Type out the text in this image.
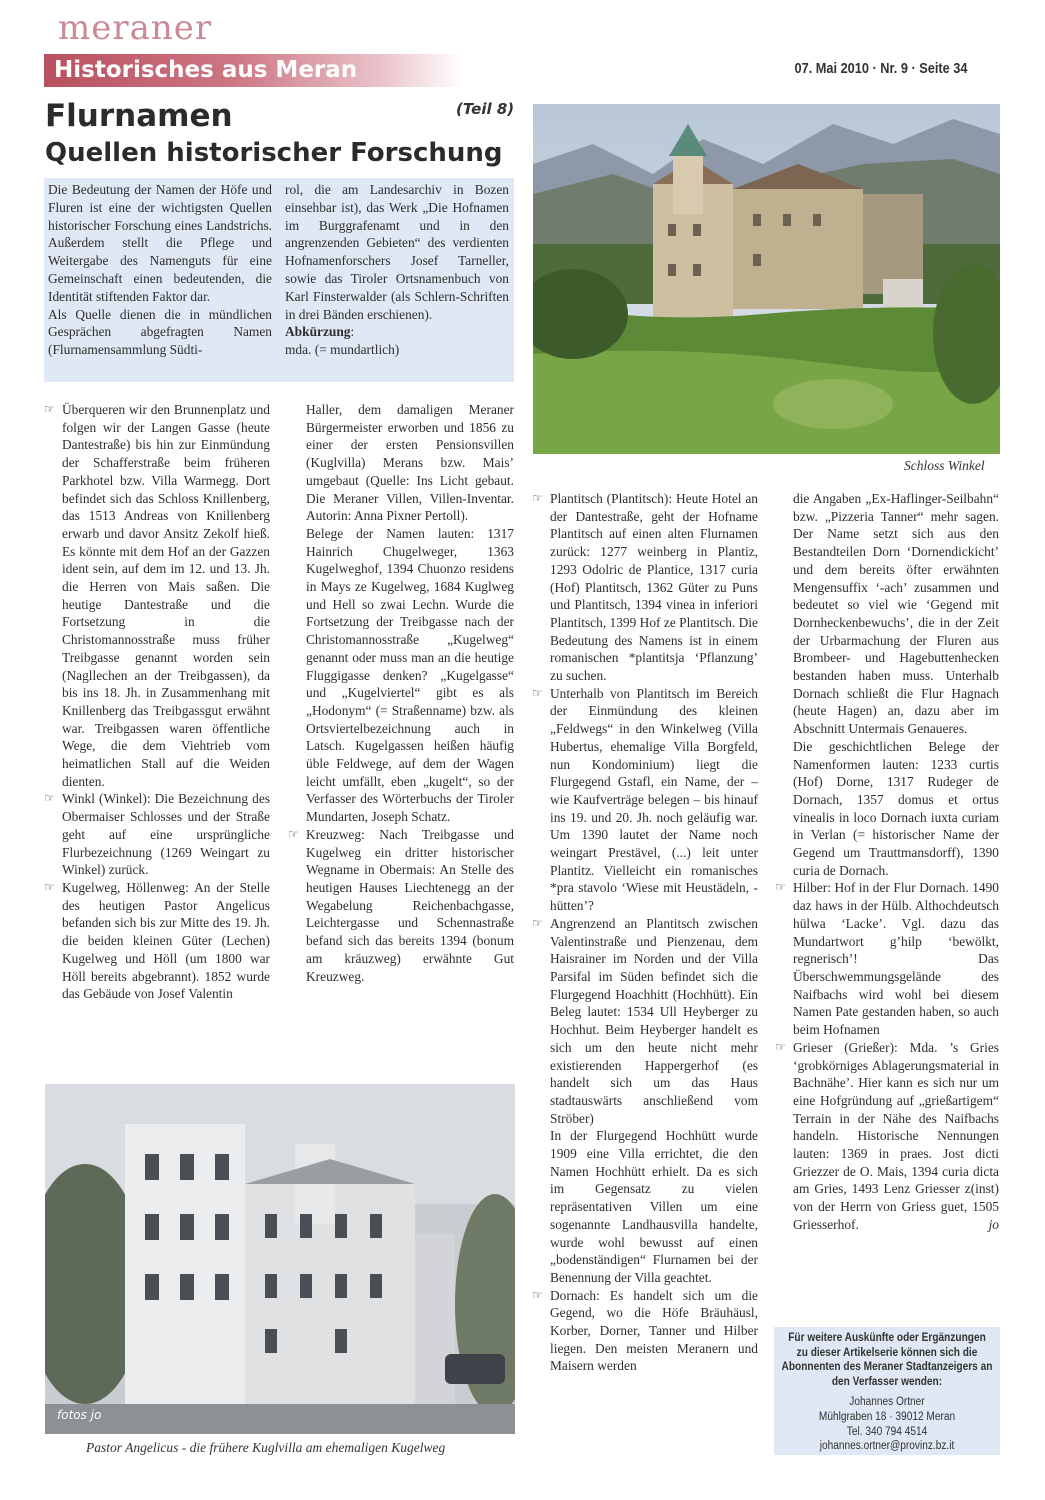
meraner
Historisches aus Meran	07. Mai 2010 · Nr. 9 · Seite 34
Flurnamen	(Teil 8)
Quellen historischer Forschung
Die Bedeutung der Namen der Höfe und Fluren ist eine der wichtigsten Quellen historischer Forschung eines Landstrichs. Außerdem stellt die Pflege und Weitergabe des Namenguts für eine Gemeinschaft einen bedeutenden, die Identität stiftenden Faktor dar.
Als Quelle dienen die in mündlichen Gesprächen abgefragten Namen (Flurnamensammlung Südti-
rol, die am Landesarchiv in Bozen einsehbar ist), das Werk „Die Hofnamen im Burggrafenamt und in den angrenzenden Gebieten“ des verdienten Hofnamenforschers Josef Tarneller, sowie das Tiroler Ortsnamenbuch von Karl Finsterwalder (als Schlern-Schriften in drei Bänden erschienen).
Abkürzung:
mda. (= mundartlich)
Schloss Winkel

☞ Überqueren wir den Brunnenplatz und folgen wir der Langen Gasse (heute Dantestraße) bis hin zur Einmündung der Schafferstraße beim früheren Parkhotel bzw. Villa Warmegg. Dort befindet sich das Schloss Knillenberg, das 1513 Andreas von Knillenberg erwarb und davor Ansitz Zekolf hieß. Es könnte mit dem Hof an der Gazzen ident sein, auf dem im 12. und 13. Jh. die Herren von Mais saßen. Die heutige Dantestraße und die Fortsetzung in die Christomannosstraße muss früher Treibgasse genannt worden sein (Nagllechen an der Treibgassen), da bis ins 18. Jh. in Zusammenhang mit Knillenberg das Treibgassgut erwähnt war. Treibgassen waren öffentliche Wege, die dem Viehtrieb vom heimatlichen Stall auf die Weiden dienten.

☞ Winkl (Winkel): Die Bezeichnung des Obermaiser Schlosses und der Straße geht auf eine ursprüngliche Flurbezeichnung (1269 Weingart zu Winkel) zurück.

☞ Kugelweg, Höllenweg: An der Stelle des heutigen Pastor Angelicus befanden sich bis zur Mitte des 19. Jh. die beiden kleinen Güter (Lechen) Kugelweg und Höll (um 1800 war Höll bereits abgebrannt). 1852 wurde das Gebäude von Josef Valentin

Haller, dem damaligen Meraner Bürgermeister erworben und 1856 zu einer der ersten Pensionsvillen (Kuglvilla) Merans bzw. Mais’ umgebaut (Quelle: Ins Licht gebaut. Die Meraner Villen, Villen-Inventar. Autorin: Anna Pixner Pertoll).

Belege der Namen lauten: 1317 Hainrich Chugelweger, 1363 Kugelweghof, 1394 Chuonzo residens in Mays ze Kugelweg, 1684 Kuglweg und Hell so zwai Lechn. Wurde die Fortsetzung der Treibgasse nach der Christomannosstraße „Kugelweg“ genannt oder muss man an die heutige Fluggigasse denken? „Kugelgasse“ und „Kugelviertel“ gibt es als „Hodonym“ (= Straßenname) bzw. als Ortsviertelbezeichnung auch in Latsch. Kugelgassen heißen häufig üble Feldwege, auf dem der Wagen leicht umfällt, eben „kugelt“, so der Verfasser des Wörterbuchs der Tiroler Mundarten, Joseph Schatz.

☞ Kreuzweg: Nach Treibgasse und Kugelweg ein dritter historischer Wegname in Obermais: An Stelle des heutigen Hauses Liechtenegg an der Wegabelung Reichenbachgasse, Leichtergasse und Schennastraße befand sich das bereits 1394 (bonum am kräuzweg) erwähnte Gut Kreuzweg.

☞ Plantitsch (Plantitsch): Heute Hotel an der Dantestraße, geht der Hofname Plantitsch auf einen alten Flurnamen zurück: 1277 weinberg in Plantiz, 1293 Odolric de Plantice, 1317 curia (Hof) Plantitsch, 1362 Güter zu Puns und Plantitsch, 1394 vinea in inferiori Plantitsch, 1399 Hof ze Plantitsch. Die Bedeutung des Namens ist in einem romanischen *plantitsja ‘Pflanzung’ zu suchen.

☞ Unterhalb von Plantitsch im Bereich der Einmündung des kleinen „Feldwegs“ in den Winkelweg (Villa Hubertus, ehemalige Villa Borgfeld, nun Kondominium) liegt die Flurgegend Gstafl, ein Name, der – wie Kaufverträge belegen – bis hinauf ins 19. und 20. Jh. noch geläufig war. Um 1390 lautet der Name noch weingart Prestävel, (...) leit unter Plantitz. Vielleicht ein romanisches *pra stavolo ‘Wiese mit Heustädeln, -hütten’?

☞ Angrenzend an Plantitsch zwischen Valentinstraße und Pienzenau, dem Haisrainer im Norden und der Villa Parsifal im Süden befindet sich die Flurgegend Hoachhitt (Hochhütt). Ein Beleg lautet: 1534 Ull Heyberger zu Hochhut. Beim Heyberger handelt es sich um den heute nicht mehr existierenden Happergerhof (es handelt sich um das Haus stadtauswärts anschließend vom Ströber)

In der Flurgegend Hochhütt wurde 1909 eine Villa errichtet, die den Namen Hochhütt erhielt. Da es sich im Gegensatz zu vielen repräsentativen Villen um eine sogenannte Landhausvilla handelte, wurde wohl bewusst auf einen „bodenständigen“ Flurnamen bei der Benennung der Villa geachtet.

☞ Dornach: Es handelt sich um die Gegend, wo die Höfe Bräuhäusl, Korber, Dorner, Tanner und Hilber liegen. Den meisten Meranern und Maisern werden

die Angaben „Ex-Haflinger-Seilbahn“ bzw. „Pizzeria Tanner“ mehr sagen. Der Name setzt sich aus den Bestandteilen Dorn ‘Dornendickicht’ und dem bereits öfter erwähnten Mengensuffix ‘-ach’ zusammen und bedeutet so viel wie ‘Gegend mit Dornheckenbewuchs’, die in der Zeit der Urbarmachung der Fluren aus Brombeer- und Hagebuttenhecken bestanden haben muss. Unterhalb Dornach schließt die Flur Hagnach (heute Hagen) an, dazu aber im Abschnitt Untermais Genaueres.

Die geschichtlichen Belege der Namenformen lauten: 1233 curtis (Hof) Dorne, 1317 Rudeger de Dornach, 1357 domus et ortus vinealis in loco Dornach iuxta curiam in Verlan (= historischer Name der Gegend um Trauttmansdorff), 1390 curia de Dornach.

☞ Hilber: Hof in der Flur Dornach. 1490 daz haws in der Hülb. Althochdeutsch hülwa ‘Lacke’. Vgl. dazu das Mundartwort g’hilp ‘bewölkt, regnerisch’! Das Überschwemmungsgelände des Naifbachs wird wohl bei diesem Namen Pate gestanden haben, so auch beim Hofnamen

☞ Grieser (Grießer): Mda. ’s Gries ‘grobkörniges Ablagerungsmaterial in Bachnähe’. Hier kann es sich nur um eine Hofgründung auf „grießartigem“ Terrain in der Nähe des Naifbachs handeln. Historische Nennungen lauten: 1369 in praes. Jost dicti Griezzer de O. Mais, 1394 curia dicta am Gries, 1493 Lenz Griesser z(inst) von der Herrn von Griess guet, 1505 Griesserhof.	jo

fotos jo
Pastor Angelicus - die frühere Kuglvilla am ehemaligen Kugelweg
Für weitere Auskünfte oder Ergänzungen zu dieser Artikelserie können sich die Abonnenten des Meraner Stadtanzeigers an den Verfasser wenden:
Johannes Ortner
Mühlgraben 18 · 39012 Meran
Tel. 340 794 4514
johannes.ortner@provinz.bz.it
